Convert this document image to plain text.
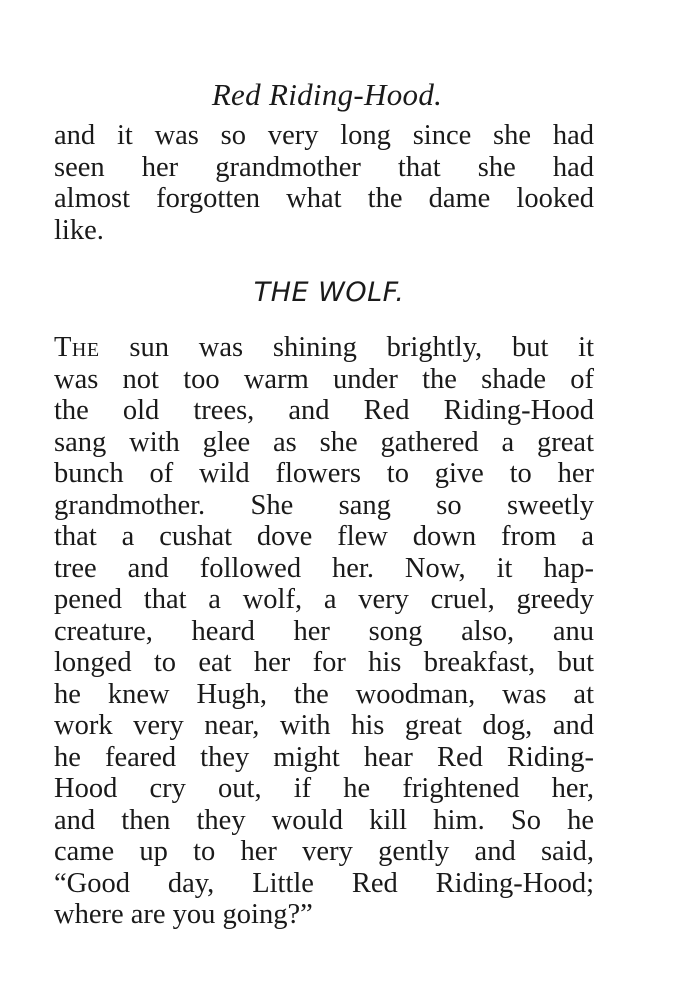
Red Riding-Hood.
and it was so very long since she had
seen her grandmother that she had
almost forgotten what the dame looked
like.
THE WOLF.
The sun was shining brightly, but it
was not too warm under the shade of
the old trees, and Red Riding-Hood
sang with glee as she gathered a great
bunch of wild flowers to give to her
grandmother. She sang so sweetly
that a cushat dove flew down from a
tree and followed her. Now, it hap-
pened that a wolf, a very cruel, greedy
creature, heard her song also, anu
longed to eat her for his breakfast, but
he knew Hugh, the woodman, was at
work very near, with his great dog, and
he feared they might hear Red Riding-
Hood cry out, if he frightened her,
and then they would kill him. So he
came up to her very gently and said,
“Good day, Little Red Riding-Hood;
where are you going?”
